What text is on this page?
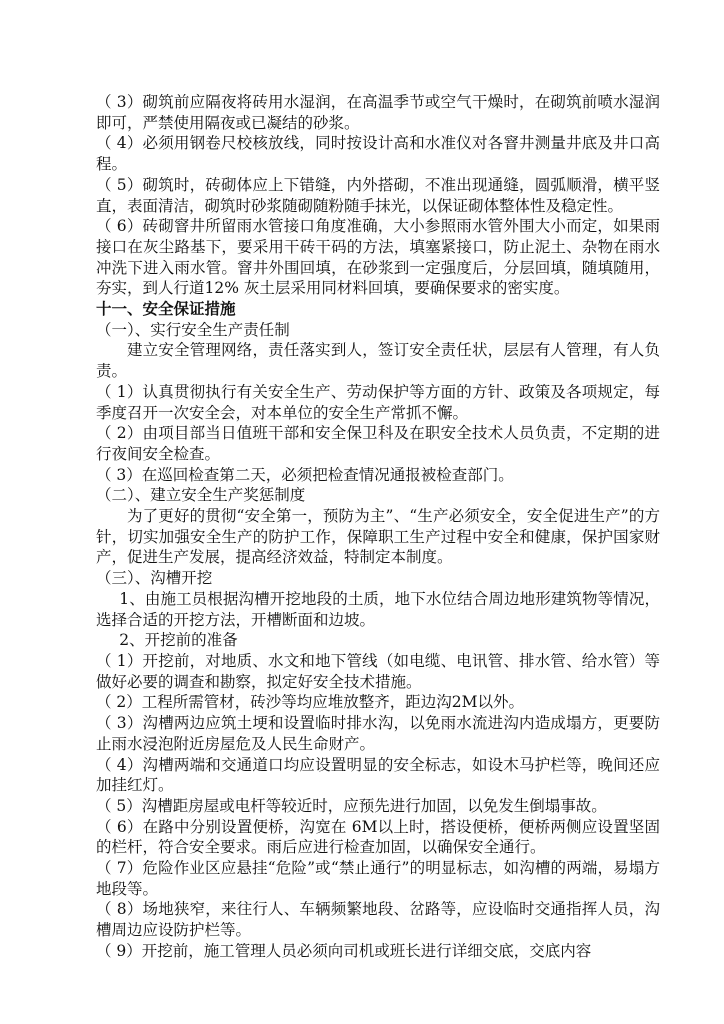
（ 3）砌筑前应隔夜将砖用水湿润，在高温季节或空气干燥时，在砌筑前喷水湿润即可，严禁使用隔夜或已凝结的砂浆。

（ 4）必须用钢卷尺校核放线，同时按设计高和水准仪对各窨井测量井底及井口高程。

（ 5）砌筑时，砖砌体应上下错缝，内外搭砌，不准出现通缝，圆弧顺滑，横平竖直，表面清洁，砌筑时砂浆随砌随粉随手抹光，以保证砌体整体性及稳定性。

（ 6）砖砌窨井所留雨水管接口角度准确，大小参照雨水管外围大小而定，如果雨接口在灰尘路基下，要采用干砖干码的方法，填塞紧接口，防止泥土、杂物在雨水冲洗下进入雨水管。窨井外围回填，在砂浆到一定强度后，分层回填，随填随用，夯实，到人行道12% 灰土层采用同材料回填，要确保要求的密实度。

十一、安全保证措施

（一）、实行安全生产责任制

建立安全管理网络，责任落实到人，签订安全责任状，层层有人管理，有人负责。

（ 1）认真贯彻执行有关安全生产、劳动保护等方面的方针、政策及各项规定，每季度召开一次安全会，对本单位的安全生产常抓不懈。

（ 2）由项目部当日值班干部和安全保卫科及在职安全技术人员负责，不定期的进行夜间安全检查。

（ 3）在巡回检查第二天，必须把检查情况通报被检查部门。

（二）、建立安全生产奖惩制度

为了更好的贯彻“安全第一，预防为主”、“生产必须安全，安全促进生产”的方针，切实加强安全生产的防护工作，保障职工生产过程中安全和健康，保护国家财产，促进生产发展，提高经济效益，特制定本制度。

（三）、沟槽开挖

1、由施工员根据沟槽开挖地段的土质，地下水位结合周边地形建筑物等情况，选择合适的开挖方法，开槽断面和边坡。

2、开挖前的准备

（ 1）开挖前，对地质、水文和地下管线（如电缆、电讯管、排水管、给水管）等做好必要的调查和勘察，拟定好安全技术措施。

（ 2）工程所需管材，砖沙等均应堆放整齐，距边沟2M以外。

（ 3）沟槽两边应筑土埂和设置临时排水沟，以免雨水流进沟内造成塌方，更要防止雨水浸泡附近房屋危及人民生命财产。

（ 4）沟槽两端和交通道口均应设置明显的安全标志，如设木马护栏等，晚间还应加挂红灯。

（ 5）沟槽距房屋或电杆等较近时，应预先进行加固，以免发生倒塌事故。

（ 6）在路中分别设置便桥，沟宽在 6M以上时，搭设便桥，便桥两侧应设置坚固的栏杆，符合安全要求。雨后应进行检查加固，以确保安全通行。

（ 7）危险作业区应悬挂“危险”或“禁止通行”的明显标志，如沟槽的两端，易塌方地段等。

（ 8）场地狭窄，来往行人、车辆频繁地段、岔路等，应设临时交通指挥人员，沟槽周边应设防护栏等。

（ 9）开挖前，施工管理人员必须向司机或班长进行详细交底，交底内容
